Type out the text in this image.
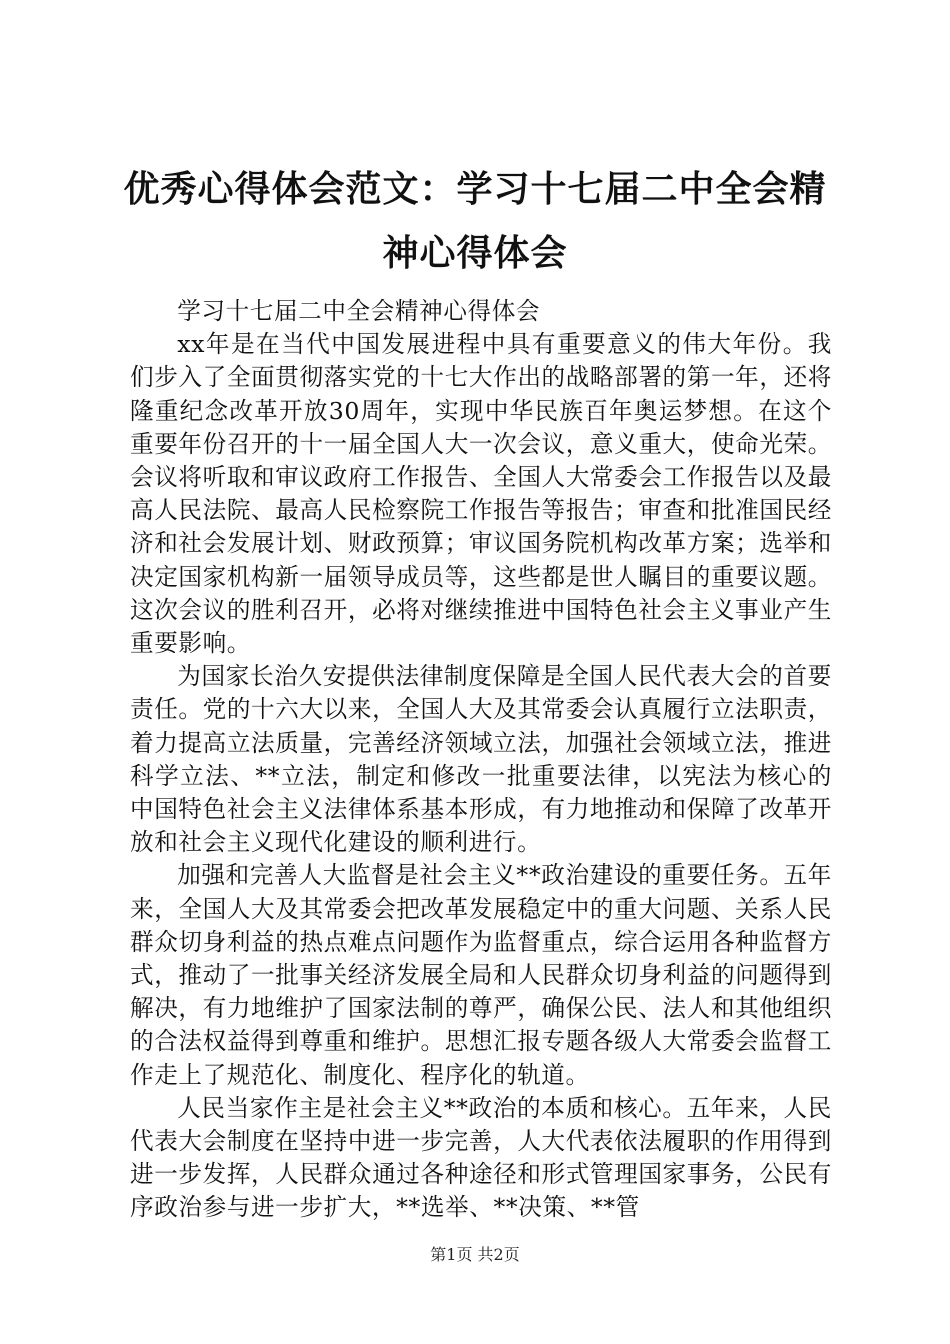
优秀心得体会范文：学习十七届二中全会精神心得体会

学习十七届二中全会精神心得体会

xx年是在当代中国发展进程中具有重要意义的伟大年份。我们步入了全面贯彻落实党的十七大作出的战略部署的第一年，还将隆重纪念改革开放30周年，实现中华民族百年奥运梦想。在这个重要年份召开的十一届全国人大一次会议，意义重大，使命光荣。会议将听取和审议政府工作报告、全国人大常委会工作报告以及最高人民法院、最高人民检察院工作报告等报告；审查和批准国民经济和社会发展计划、财政预算；审议国务院机构改革方案；选举和决定国家机构新一届领导成员等，这些都是世人瞩目的重要议题。这次会议的胜利召开，必将对继续推进中国特色社会主义事业产生重要影响。

为国家长治久安提供法律制度保障是全国人民代表大会的首要责任。党的十六大以来，全国人大及其常委会认真履行立法职责，着力提高立法质量，完善经济领域立法，加强社会领域立法，推进科学立法、**立法，制定和修改一批重要法律，以宪法为核心的中国特色社会主义法律体系基本形成，有力地推动和保障了改革开放和社会主义现代化建设的顺利进行。

加强和完善人大监督是社会主义**政治建设的重要任务。五年来，全国人大及其常委会把改革发展稳定中的重大问题、关系人民群众切身利益的热点难点问题作为监督重点，综合运用各种监督方式，推动了一批事关经济发展全局和人民群众切身利益的问题得到解决，有力地维护了国家法制的尊严，确保公民、法人和其他组织的合法权益得到尊重和维护。思想汇报专题各级人大常委会监督工作走上了规范化、制度化、程序化的轨道。

人民当家作主是社会主义**政治的本质和核心。五年来，人民代表大会制度在坚持中进一步完善，人大代表依法履职的作用得到进一步发挥，人民群众通过各种途径和形式管理国家事务，公民有序政治参与进一步扩大，**选举、**决策、**管

第1页 共2页
